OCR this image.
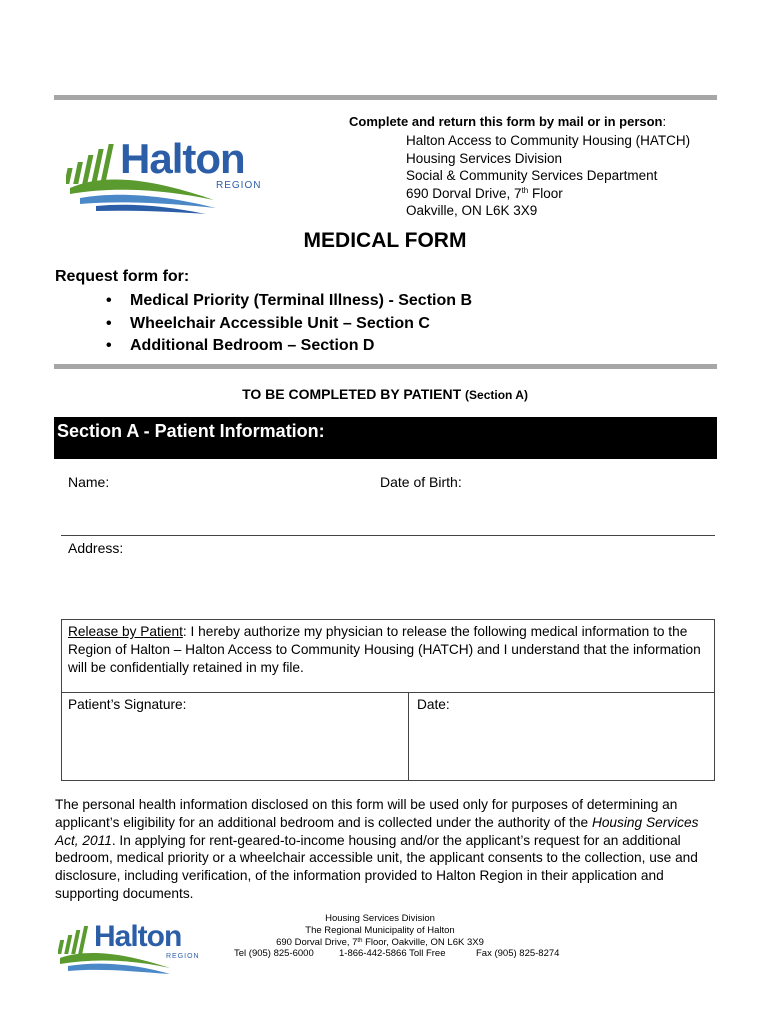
Complete and return this form by mail or in person:
Halton Access to Community Housing (HATCH)
Housing Services Division
Social & Community Services Department
690 Dorval Drive, 7th Floor
Oakville, ON L6K 3X9
Halton
REGION
MEDICAL FORM
Request form for:
• Medical Priority (Terminal Illness) - Section B
• Wheelchair Accessible Unit – Section C
• Additional Bedroom – Section D
TO BE COMPLETED BY PATIENT (Section A)
Section A - Patient Information:
Name:	Date of Birth:
Address:
Release by Patient: I hereby authorize my physician to release the following medical information to the Region of Halton – Halton Access to Community Housing (HATCH) and I understand that the information will be confidentially retained in my file.
Patient’s Signature:	Date:
The personal health information disclosed on this form will be used only for purposes of determining an applicant’s eligibility for an additional bedroom and is collected under the authority of the Housing Services Act, 2011. In applying for rent-geared-to-income housing and/or the applicant’s request for an additional bedroom, medical priority or a wheelchair accessible unit, the applicant consents to the collection, use and disclosure, including verification, of the information provided to Halton Region in their application and supporting documents.
Halton
REGION
Housing Services Division
The Regional Municipality of Halton
690 Dorval Drive, 7th Floor, Oakville, ON L6K 3X9
Tel (905) 825-6000	1-866-442-5866 Toll Free	Fax (905) 825-8274
